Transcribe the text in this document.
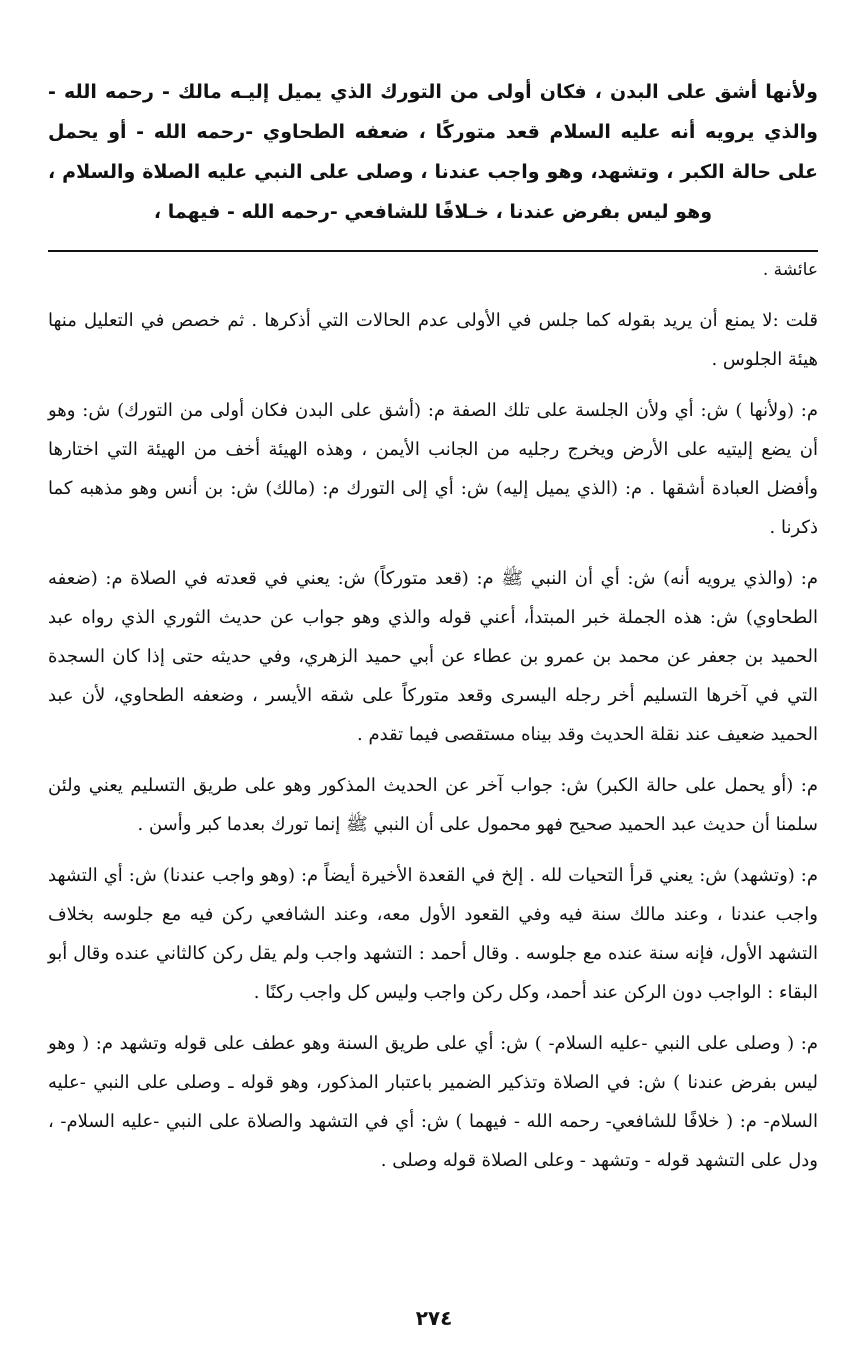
ولأنها أشق على البدن ، فكان أولى من التورك الذي يميل إليـه مالك - رحمه الله - والذي يرويه أنه عليه السلام قعد متوركًا ، ضعفه الطحاوي -رحمه الله - أو يحمل على حالة الكبر ، وتشهد، وهو واجب عندنا ، وصلى على النبي عليه الصلاة والسلام ، وهو ليس بفرض عندنا ، خـلافًا للشافعي -رحمه الله - فيهما ،

عائشة .

قلت :لا يمنع أن يريد بقوله كما جلس في الأولى عدم الحالات التي أذكرها . ثم خصص في التعليل منها هيئة الجلوس .

م: (ولأنها ) ش: أي ولأن الجلسة على تلك الصفة م: (أشق على البدن فكان أولى من التورك) ش: وهو أن يضع إليتيه على الأرض ويخرج رجليه من الجانب الأيمن ، وهذه الهيئة أخف من الهيئة التي اختارها وأفضل العبادة أشقها . م: (الذي يميل إليه) ش: أي إلى التورك م: (مالك) ش: بن أنس وهو مذهبه كما ذكرنا .

م: (والذي يرويه أنه) ش: أي أن النبي ﷺ م: (قعد متوركاً) ش: يعني في قعدته في الصلاة م: (ضعفه الطحاوي) ش: هذه الجملة خبر المبتدأ، أعني قوله والذي وهو جواب عن حديث الثوري الذي رواه عبد الحميد بن جعفر عن محمد بن عمرو بن عطاء عن أبي حميد الزهري، وفي حديثه حتى إذا كان السجدة التي في آخرها التسليم أخر رجله اليسرى وقعد متوركاً على شقه الأيسر ، وضعفه الطحاوي، لأن عبد الحميد ضعيف عند نقلة الحديث وقد بيناه مستقصى فيما تقدم .

م: (أو يحمل على حالة الكبر) ش: جواب آخر عن الحديث المذكور وهو على طريق التسليم يعني ولئن سلمنا أن حديث عبد الحميد صحيح فهو محمول على أن النبي ﷺ إنما تورك بعدما كبر وأسن .

م: (وتشهد) ش: يعني قرأ التحيات لله . إلخ في القعدة الأخيرة أيضاً م: (وهو واجب عندنا) ش: أي التشهد واجب عندنا ، وعند مالك سنة فيه وفي القعود الأول معه، وعند الشافعي ركن فيه مع جلوسه بخلاف التشهد الأول، فإنه سنة عنده مع جلوسه . وقال أحمد : التشهد واجب ولم يقل ركن كالثاني عنده وقال أبو البقاء : الواجب دون الركن عند أحمد، وكل ركن واجب وليس كل واجب ركنًا .

م: ( وصلى على النبي -عليه السلام- ) ش: أي على طريق السنة وهو عطف على قوله وتشهد م: ( وهو ليس بفرض عندنا ) ش: في الصلاة وتذكير الضمير باعتبار المذكور، وهو قوله ـ وصلى على النبي -عليه السلام- م: ( خلافًا للشافعي- رحمه الله - فيهما ) ش: أي في التشهد والصلاة على النبي -عليه السلام- ، ودل على التشهد قوله - وتشهد - وعلى الصلاة قوله وصلى .

٢٧٤
